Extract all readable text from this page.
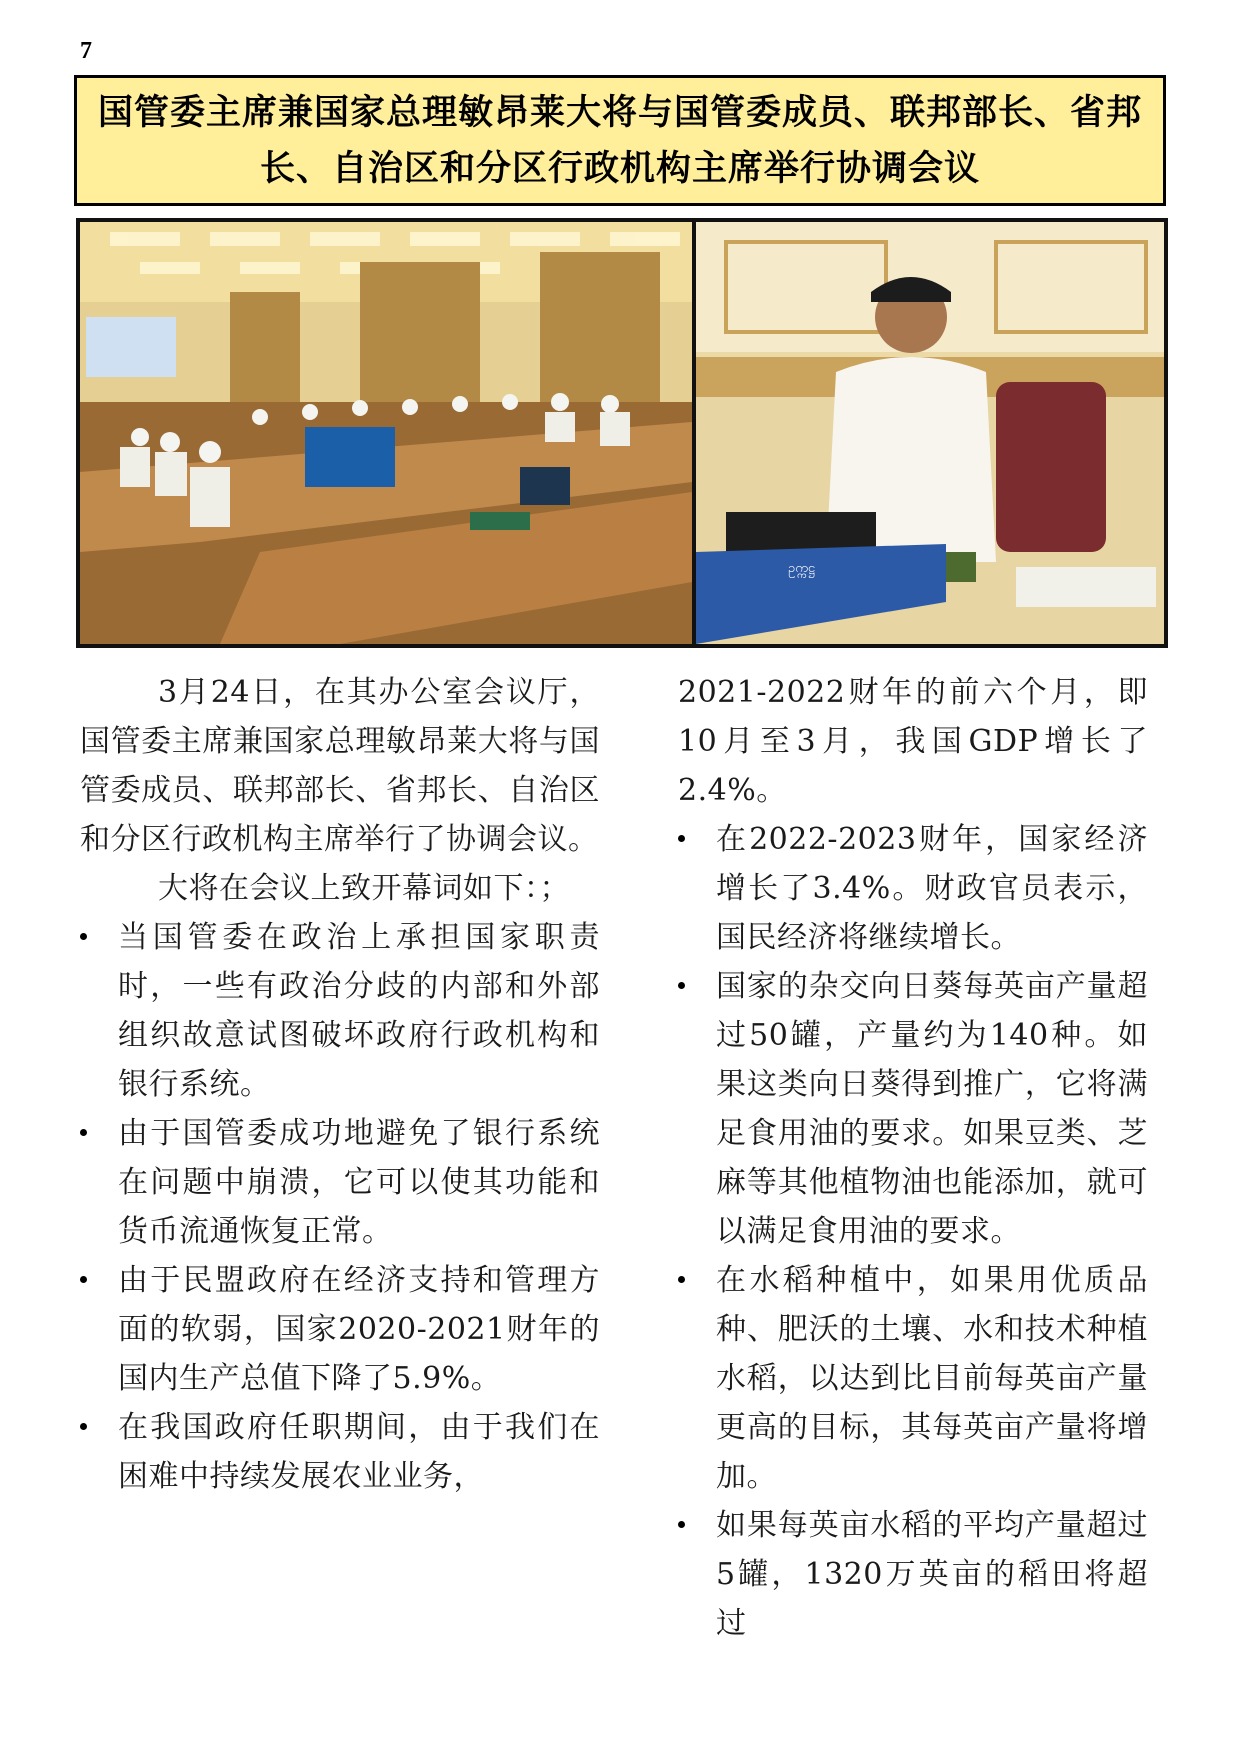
7
国管委主席兼国家总理敏昂莱大将与国管委成员、联邦部长、省邦长、自治区和分区行政机构主席举行协调会议
ဥက္ကဋ္ဌ

3月24日，在其办公室会议厅，国管委主席兼国家总理敏昂莱大将与国管委成员、联邦部长、省邦长、自治区和分区行政机构主席举行了协调会议。

大将在会议上致开幕词如下：；

当国管委在政治上承担国家职责时，一些有政治分歧的内部和外部组织故意试图破坏政府行政机构和银行系统。
由于国管委成功地避免了银行系统在问题中崩溃，它可以使其功能和货币流通恢复正常。
由于民盟政府在经济支持和管理方面的软弱，国家2020-2021财年的国内生产总值下降了5.9%。
在我国政府任职期间，由于我们在困难中持续发展农业业务，

2021-2022财年的前六个月，即10月至3月，我国GDP增长了2.4%。

在2022-2023财年，国家经济增长了3.4%。财政官员表示，国民经济将继续增长。
国家的杂交向日葵每英亩产量超过50罐，产量约为140种。如果这类向日葵得到推广，它将满足食用油的要求。如果豆类、芝麻等其他植物油也能添加，就可以满足食用油的要求。
在水稻种植中，如果用优质品种、肥沃的土壤、水和技术种植水稻，以达到比目前每英亩产量更高的目标，其每英亩产量将增加。
如果每英亩水稻的平均产量超过5罐，1320万英亩的稻田将超过
